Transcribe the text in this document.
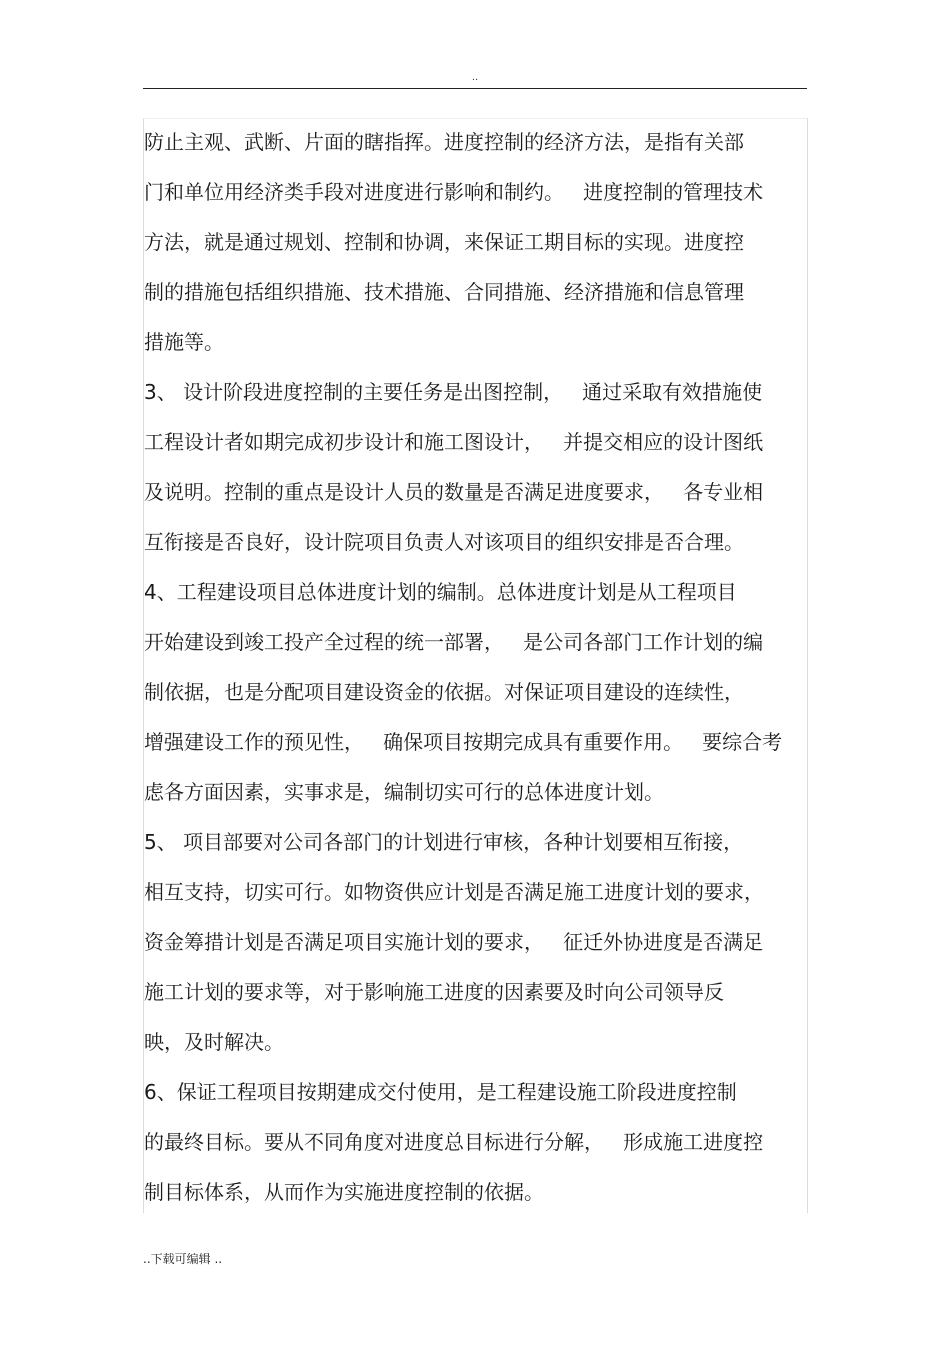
..
防止主观、武断、片面的瞎指挥。进度控制的经济方法，是指有关部
门和单位用经济类手段对进度进行影响和制约。   进度控制的管理技术
方法，就是通过规划、控制和协调，来保证工期目标的实现。进度控
制的措施包括组织措施、技术措施、合同措施、经济措施和信息管理
措施等。
3、 设计阶段进度控制的主要任务是出图控制，   通过采取有效措施使
工程设计者如期完成初步设计和施工图设计，   并提交相应的设计图纸
及说明。控制的重点是设计人员的数量是否满足进度要求，   各专业相
互衔接是否良好，设计院项目负责人对该项目的组织安排是否合理。
4、工程建设项目总体进度计划的编制。总体进度计划是从工程项目
开始建设到竣工投产全过程的统一部署，   是公司各部门工作计划的编
制依据，也是分配项目建设资金的依据。对保证项目建设的连续性，
增强建设工作的预见性，   确保项目按期完成具有重要作用。   要综合考
虑各方面因素，实事求是，编制切实可行的总体进度计划。
5、 项目部要对公司各部门的计划进行审核，各种计划要相互衔接，
相互支持，切实可行。如物资供应计划是否满足施工进度计划的要求，
资金筹措计划是否满足项目实施计划的要求，   征迁外协进度是否满足
施工计划的要求等，对于影响施工进度的因素要及时向公司领导反
映，及时解决。
6、保证工程项目按期建成交付使用，是工程建设施工阶段进度控制
的最终目标。要从不同角度对进度总目标进行分解，   形成施工进度控
制目标体系，从而作为实施进度控制的依据。
..下载可编辑 ..
